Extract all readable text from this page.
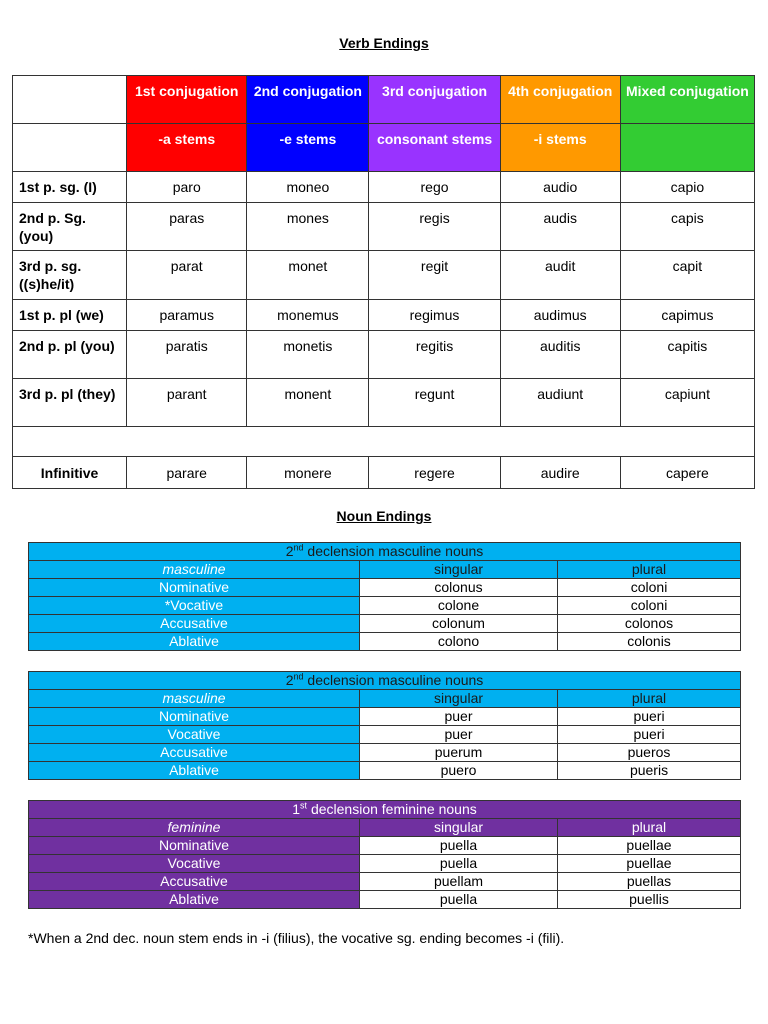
Verb Endings
	1st conjugation	2nd conjugation	3rd conjugation	4th conjugation	Mixed conjugation
	-a stems	-e stems	consonant stems	-i stems	
1st p. sg. (I)	paro	moneo	rego	audio	capio
2nd p. Sg. (you)	paras	mones	regis	audis	capis
3rd p. sg. ((s)he/it)	parat	monet	regit	audit	capit
1st p. pl (we)	paramus	monemus	regimus	audimus	capimus
2nd p. pl (you)	paratis	monetis	regitis	auditis	capitis
3rd p. pl (they)	parant	monent	regunt	audiunt	capiunt

Infinitive	parare	monere	regere	audire	capere
Noun Endings
2nd declension masculine nouns		
masculine	singular	plural
Nominative	colonus	coloni
*Vocative	colone	coloni
Accusative	colonum	colonos
Ablative	colono	colonis
2nd declension masculine nouns		
masculine	singular	plural
Nominative	puer	pueri
Vocative	puer	pueri
Accusative	puerum	pueros
Ablative	puero	pueris
1st declension feminine nouns		
feminine	singular	plural
Nominative	puella	puellae
Vocative	puella	puellae
Accusative	puellam	puellas
Ablative	puella	puellis
*When a 2nd dec. noun stem ends in -i (filius), the vocative sg. ending becomes -i (fili).
